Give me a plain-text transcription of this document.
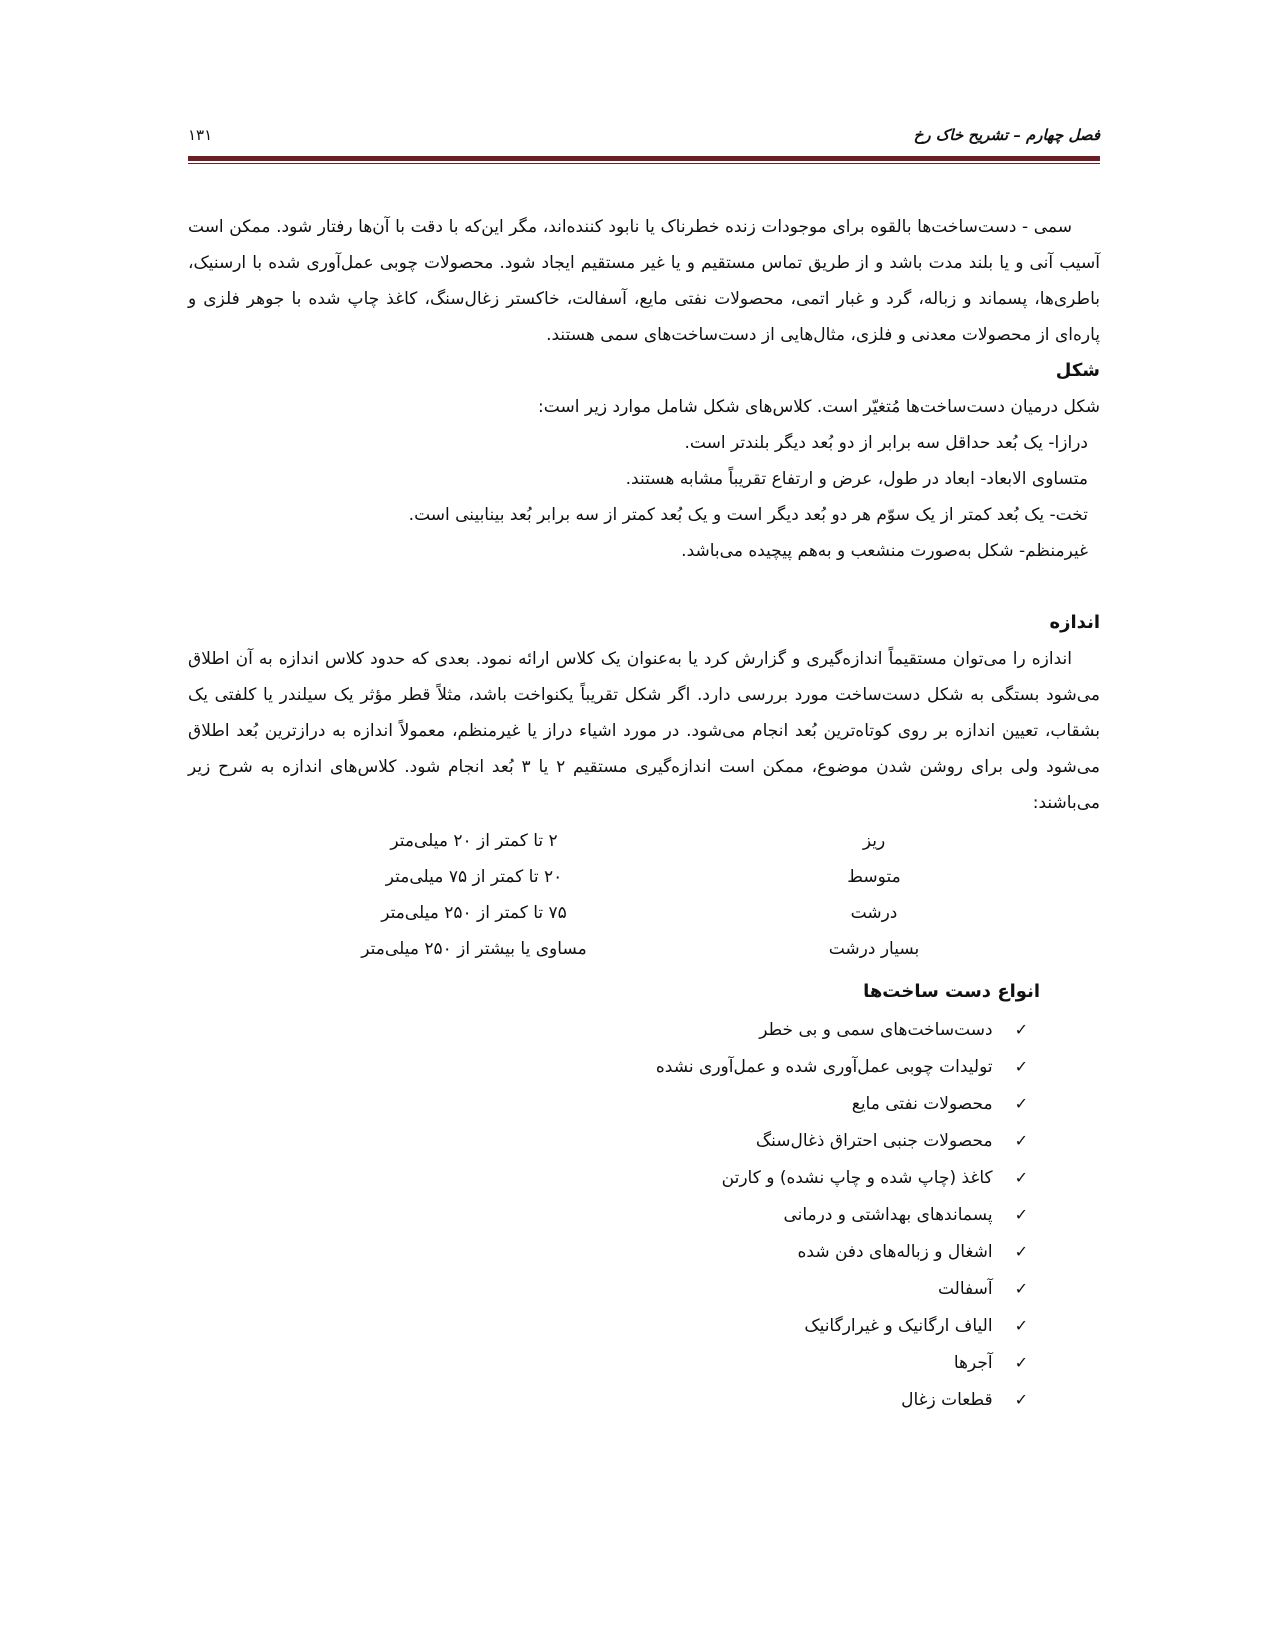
فصل چهارم – تشریح خاک رخ
۱۳۱

سمی - دست‌ساخت‌ها بالقوه برای موجودات زنده خطرناک یا نابود کننده‌اند، مگر این‌که با دقت با آن‌ها رفتار شود. ممکن است آسیب آنی و یا بلند مدت باشد و از طریق تماس مستقیم و یا غیر مستقیم ایجاد شود. محصولات چوبی عمل‌آوری شده با ارسنیک، باطری‌ها، پسماند و زباله، گرد و غبار اتمی، محصولات نفتی مایع، آسفالت، خاکستر زغال‌سنگ، کاغذ چاپ شده با جوهر فلزی و پاره‌ای از محصولات معدنی و فلزی، مثال‌هایی از دست‌ساخت‌های سمی هستند.

شکل

شکل درمیان دست‌ساخت‌ها مُتغیّر است. کلاس‌های شکل شامل موارد زیر است:

درازا- یک بُعد حداقل سه برابر از دو بُعد دیگر بلندتر است.

متساوی الابعاد- ابعاد در طول، عرض و ارتفاع تقریباً مشابه هستند.

تخت- یک بُعد کمتر از یک سوّم هر دو بُعد دیگر است و یک بُعد کمتر از سه برابر بُعد بینابینی است.

غیرمنظم- شکل به‌صورت منشعب و به‌هم پیچیده می‌باشد.

اندازه

اندازه را می‌توان مستقیماً اندازه‌گیری و گزارش کرد یا به‌عنوان یک کلاس ارائه نمود. بعدی که حدود کلاس اندازه به آن اطلاق می‌شود بستگی به شکل دست‌ساخت مورد بررسی دارد. اگر شکل تقریباً یکنواخت باشد، مثلاً قطر مؤثر یک سیلندر یا کلفتی یک بشقاب، تعیین اندازه بر روی کوتاه‌ترین بُعد انجام می‌شود. در مورد اشیاء دراز یا غیرمنظم، معمولاً اندازه به درازترین بُعد اطلاق می‌شود ولی برای روشن شدن موضوع، ممکن است اندازه‌گیری مستقیم ۲ یا ۳ بُعد انجام شود. کلاس‌های اندازه به شرح زیر می‌باشند:

ریز	۲ تا کمتر از ۲۰ میلی‌متر
متوسط	۲۰ تا کمتر از ۷۵ میلی‌متر
درشت	۷۵ تا کمتر از ۲۵۰ میلی‌متر
بسیار درشت	مساوی یا بیشتر از ۲۵۰ میلی‌متر
انواع دست ساخت‌ها
✓ دست‌ساخت‌های سمی و بی خطر
✓ تولیدات چوبی عمل‌آوری شده و عمل‌آوری نشده
✓ محصولات نفتی مایع
✓ محصولات جنبی احتراق ذغال‌سنگ
✓ کاغذ (چاپ شده و چاپ نشده) و کارتن
✓ پسماندهای بهداشتی و درمانی
✓ اشغال و زباله‌های دفن شده
✓ آسفالت
✓ الیاف ارگانیک و غیرارگانیک
✓ آجرها
✓ قطعات زغال
